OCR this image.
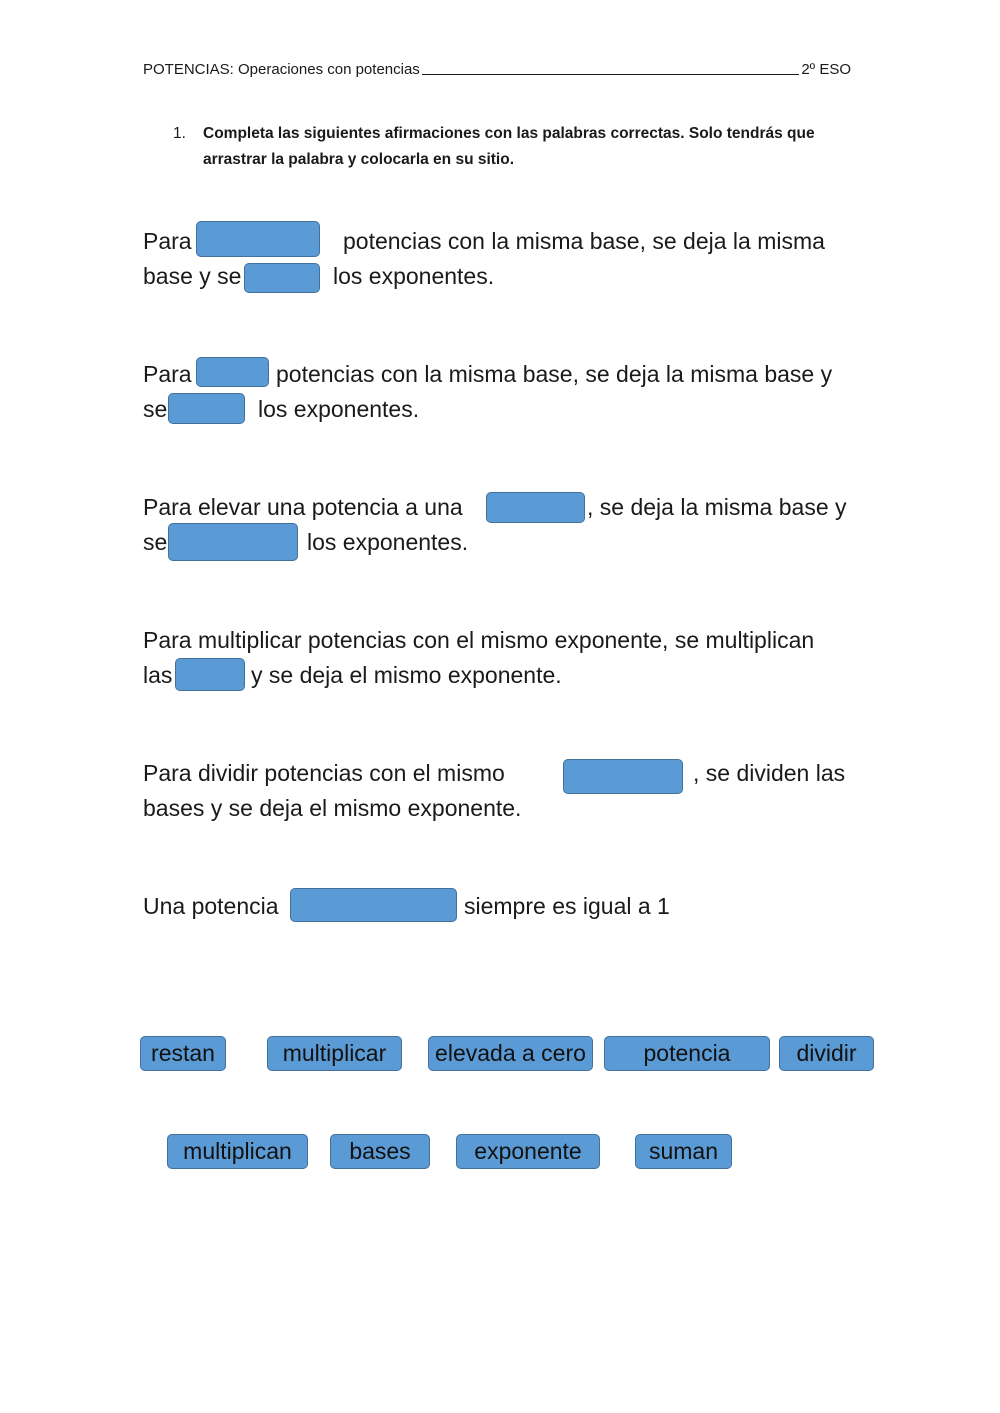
POTENCIAS: Operaciones con potencias	2º ESO
1. Completa las siguientes afirmaciones con las palabras correctas. Solo tendrás que arrastrar la palabra y colocarla en su sitio.
Para	potencias con la misma base, se deja la misma
base y se	los exponentes.
Para	potencias con la misma base, se deja la misma base y
se	los exponentes.
Para elevar una potencia a una	, se deja la misma base y
se	los exponentes.
Para multiplicar potencias con el mismo exponente, se multiplican
las	y se deja el mismo exponente.
Para dividir potencias con el mismo	, se dividen las
bases y se deja el mismo exponente.
Una potencia	siempre es igual a 1
restan	multiplicar	elevada a cero	potencia	dividir
multiplican	bases	exponente	suman
